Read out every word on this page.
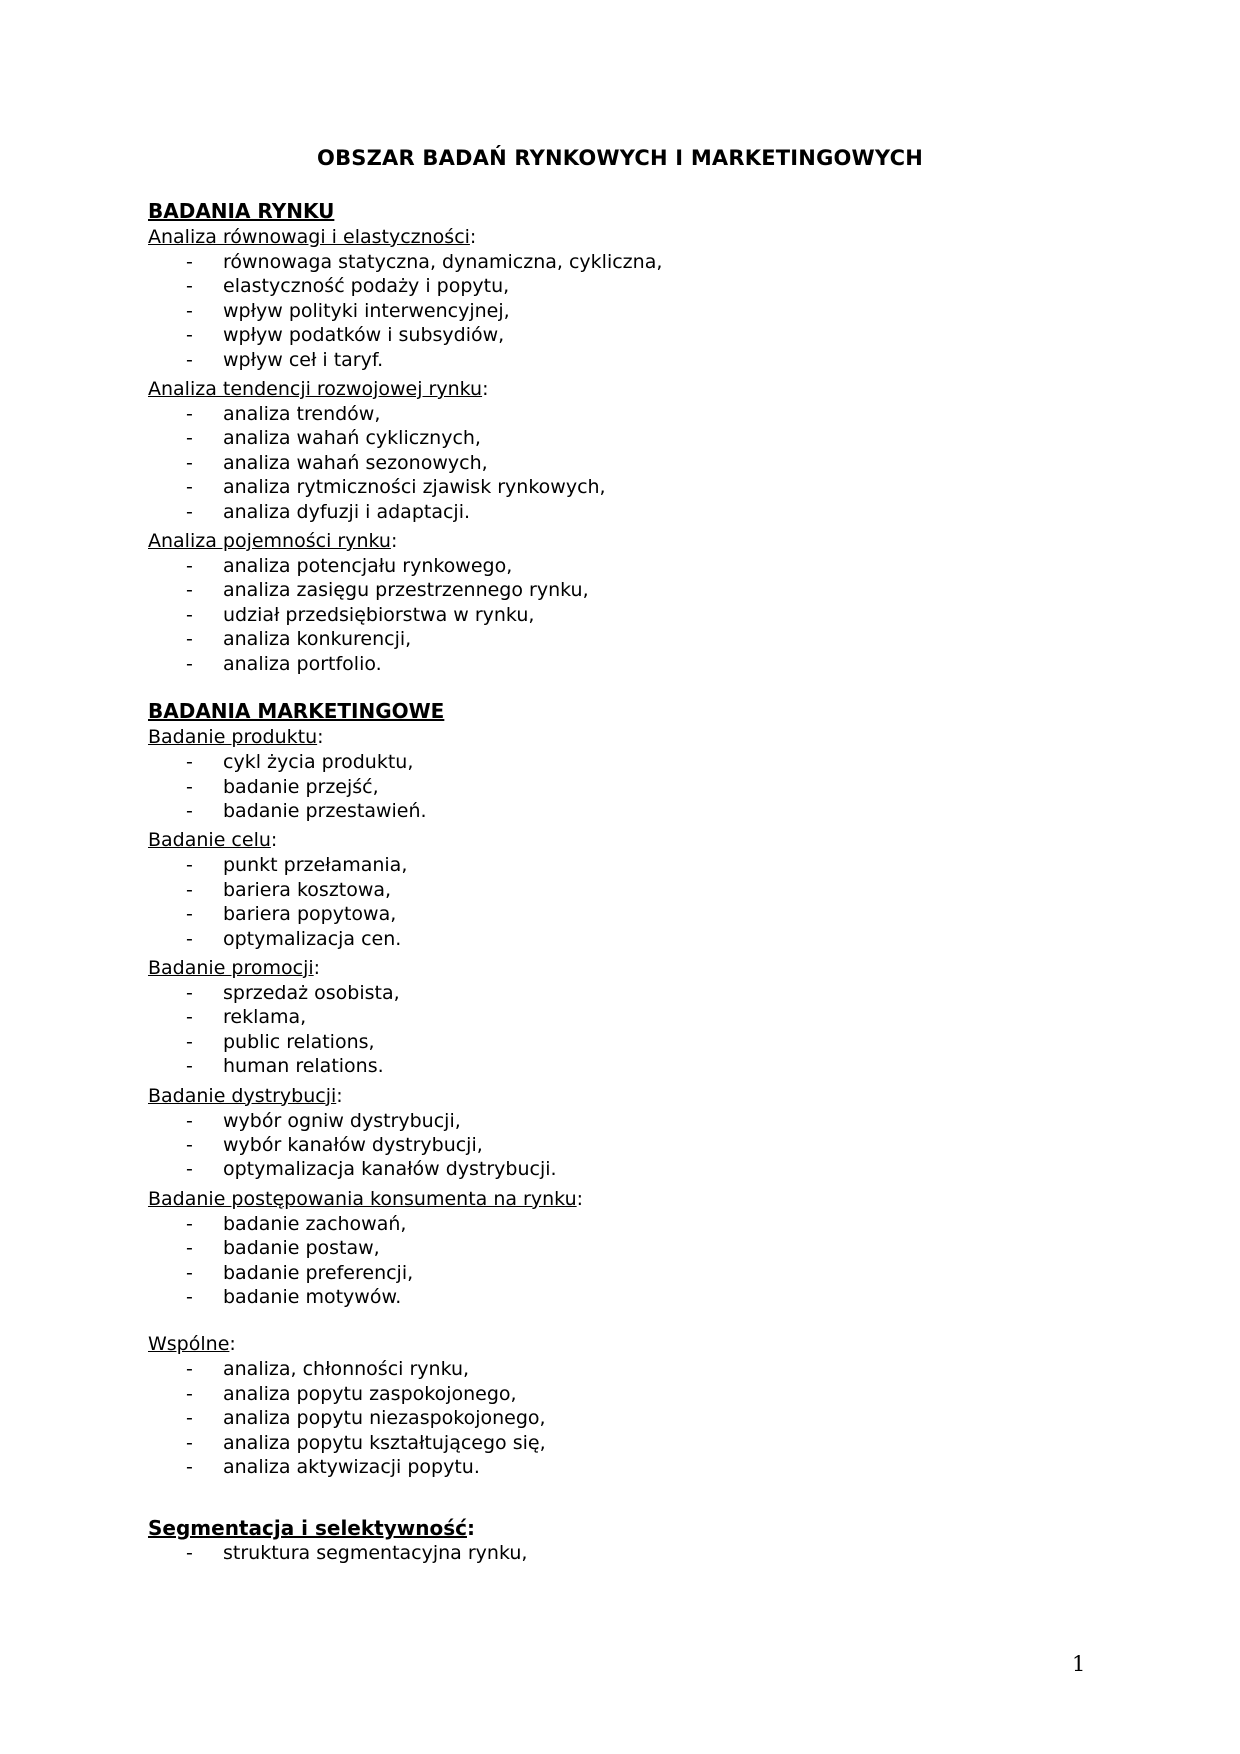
OBSZAR BADAŃ RYNKOWYCH I MARKETINGOWYCH

BADANIA RYNKU

Analiza równowagi i elastyczności:

- równowaga statyczna, dynamiczna, cykliczna,
- elastyczność podaży i popytu,
- wpływ polityki interwencyjnej,
- wpływ podatków i subsydiów,
- wpływ ceł i taryf.

Analiza tendencji rozwojowej rynku:

- analiza trendów,
- analiza wahań cyklicznych,
- analiza wahań sezonowych,
- analiza rytmiczności zjawisk rynkowych,
- analiza dyfuzji i adaptacji.

Analiza pojemności rynku:

- analiza potencjału rynkowego,
- analiza zasięgu przestrzennego rynku,
- udział przedsiębiorstwa w rynku,
- analiza konkurencji,
- analiza portfolio.

BADANIA MARKETINGOWE

Badanie produktu:

- cykl życia produktu,
- badanie przejść,
- badanie przestawień.

Badanie celu:

- punkt przełamania,
- bariera kosztowa,
- bariera popytowa,
- optymalizacja cen.

Badanie promocji:

- sprzedaż osobista,
- reklama,
- public relations,
- human relations.

Badanie dystrybucji:

- wybór ogniw dystrybucji,
- wybór kanałów dystrybucji,
- optymalizacja kanałów dystrybucji.

Badanie postępowania konsumenta na rynku:

- badanie zachowań,
- badanie postaw,
- badanie preferencji,
- badanie motywów.

Wspólne:

- analiza, chłonności rynku,
- analiza popytu zaspokojonego,
- analiza popytu niezaspokojonego,
- analiza popytu kształtującego się,
- analiza aktywizacji popytu.

Segmentacja i selektywność:

- struktura segmentacyjna rynku,
1
